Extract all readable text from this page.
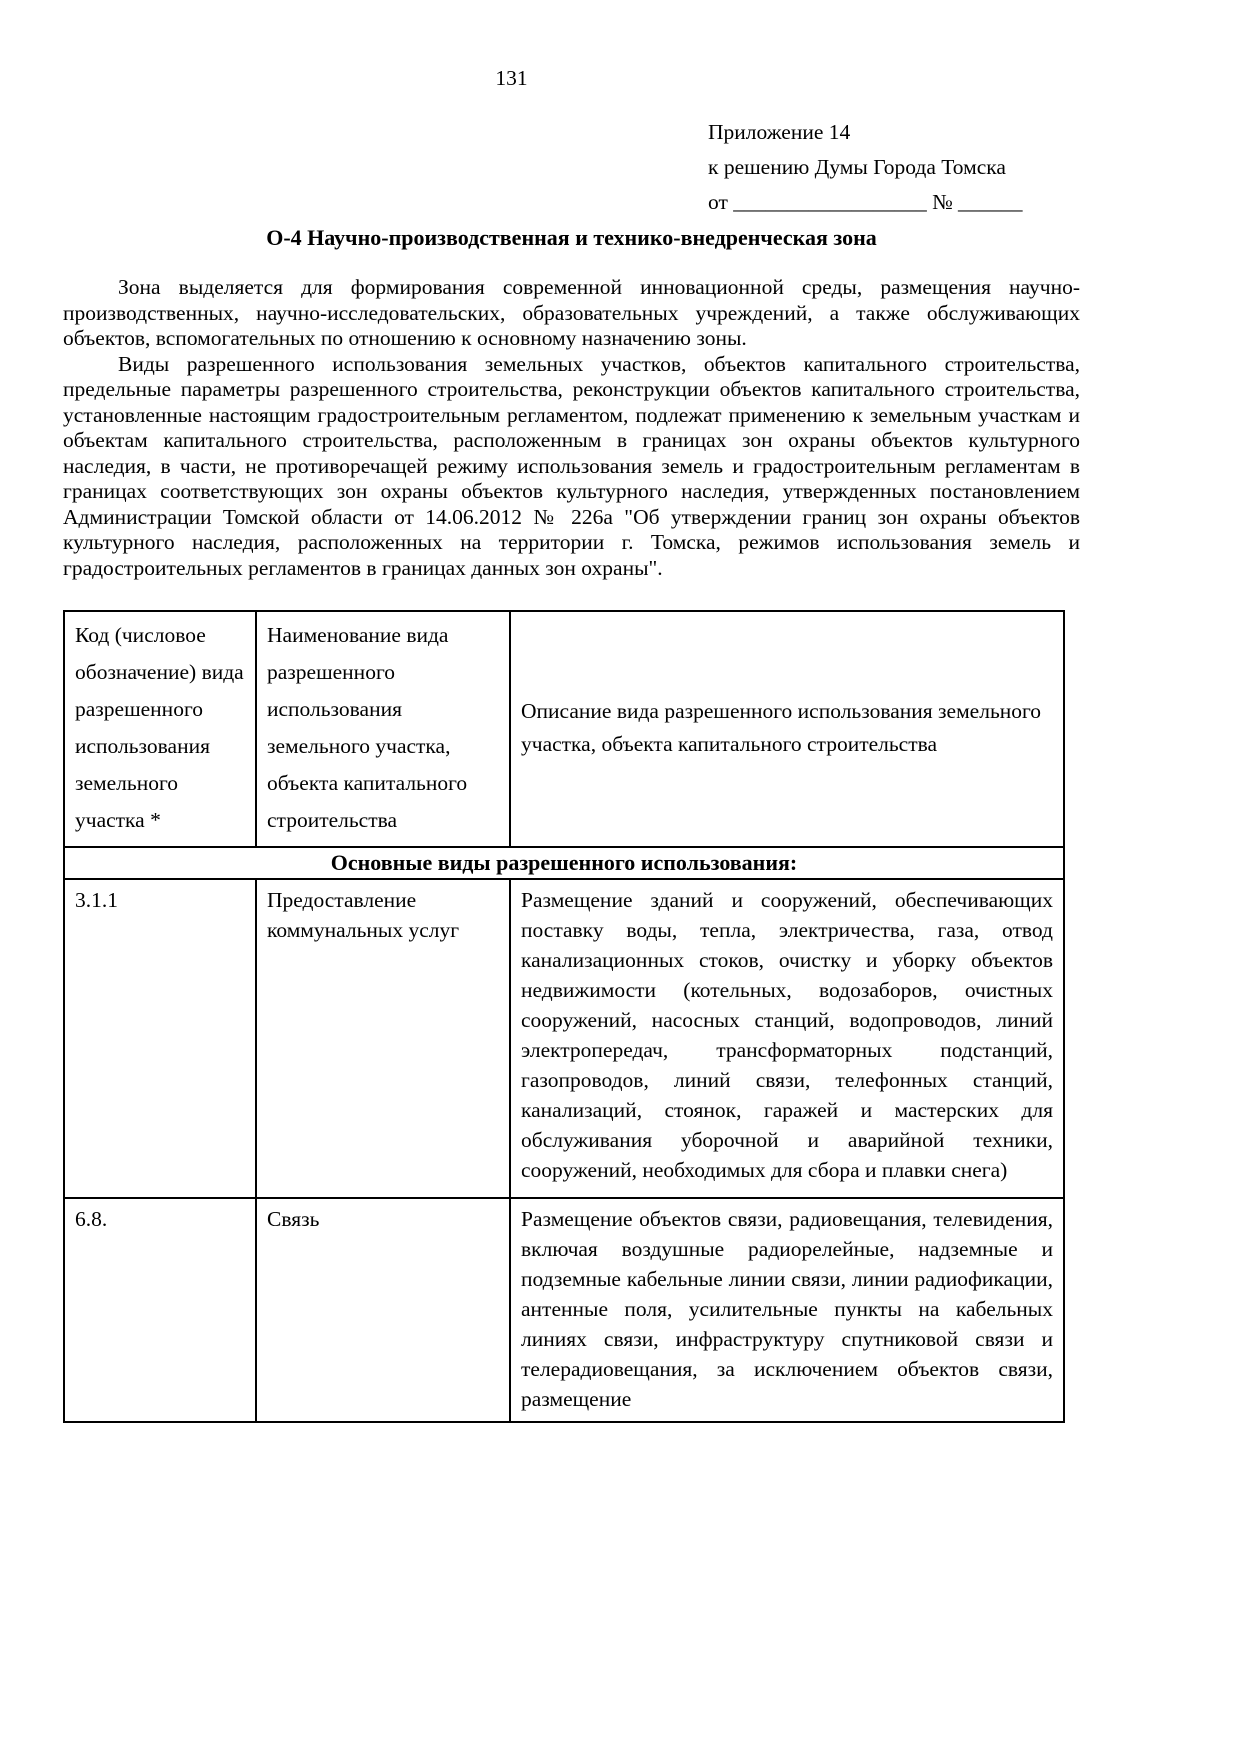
131
Приложение 14
к решению Думы Города Томска
от __________________ № ______
О-4 Научно-производственная и технико-внедренческая зона

Зона выделяется для формирования современной инновационной среды, размещения научно-производственных, научно-исследовательских, образовательных учреждений, а также обслуживающих объектов, вспомогательных по отношению к основному назначению зоны.

Виды разрешенного использования земельных участков, объектов капитального строительства, предельные параметры разрешенного строительства, реконструкции объектов капитального строительства, установленные настоящим градостроительным регламентом, подлежат применению к земельным участкам и объектам капитального строительства, расположенным в границах зон охраны объектов культурного наследия, в части, не противоречащей режиму использования земель и градостроительным регламентам в границах соответствующих зон охраны объектов культурного наследия, утвержденных постановлением Администрации Томской области от 14.06.2012 № 226а "Об утверждении границ зон охраны объектов культурного наследия, расположенных на территории г. Томска, режимов использования земель и градостроительных регламентов в границах данных зон охраны".

Код (числовое обозначение) вида разрешенного использования земельного участка *	Наименование вида разрешенного использования земельного участка, объекта капитального строительства	Описание вида разрешенного использования земельного участка, объекта капитального строительства
Основные виды разрешенного использования:		
3.1.1	Предоставление коммунальных услуг	Размещение зданий и сооружений, обеспечивающих поставку воды, тепла, электричества, газа, отвод канализационных стоков, очистку и уборку объектов недвижимости (котельных, водозаборов, очистных сооружений, насосных станций, водопроводов, линий электропередач, трансформаторных подстанций, газопроводов, линий связи, телефонных станций, канализаций, стоянок, гаражей и мастерских для обслуживания уборочной и аварийной техники, сооружений, необходимых для сбора и плавки снега)
6.8.	Связь	Размещение объектов связи, радиовещания, телевидения, включая воздушные радиорелейные, надземные и подземные кабельные линии связи, линии радиофикации, антенные поля, усилительные пункты на кабельных линиях связи, инфраструктуру спутниковой связи и телерадиовещания, за исключением объектов связи, размещение
